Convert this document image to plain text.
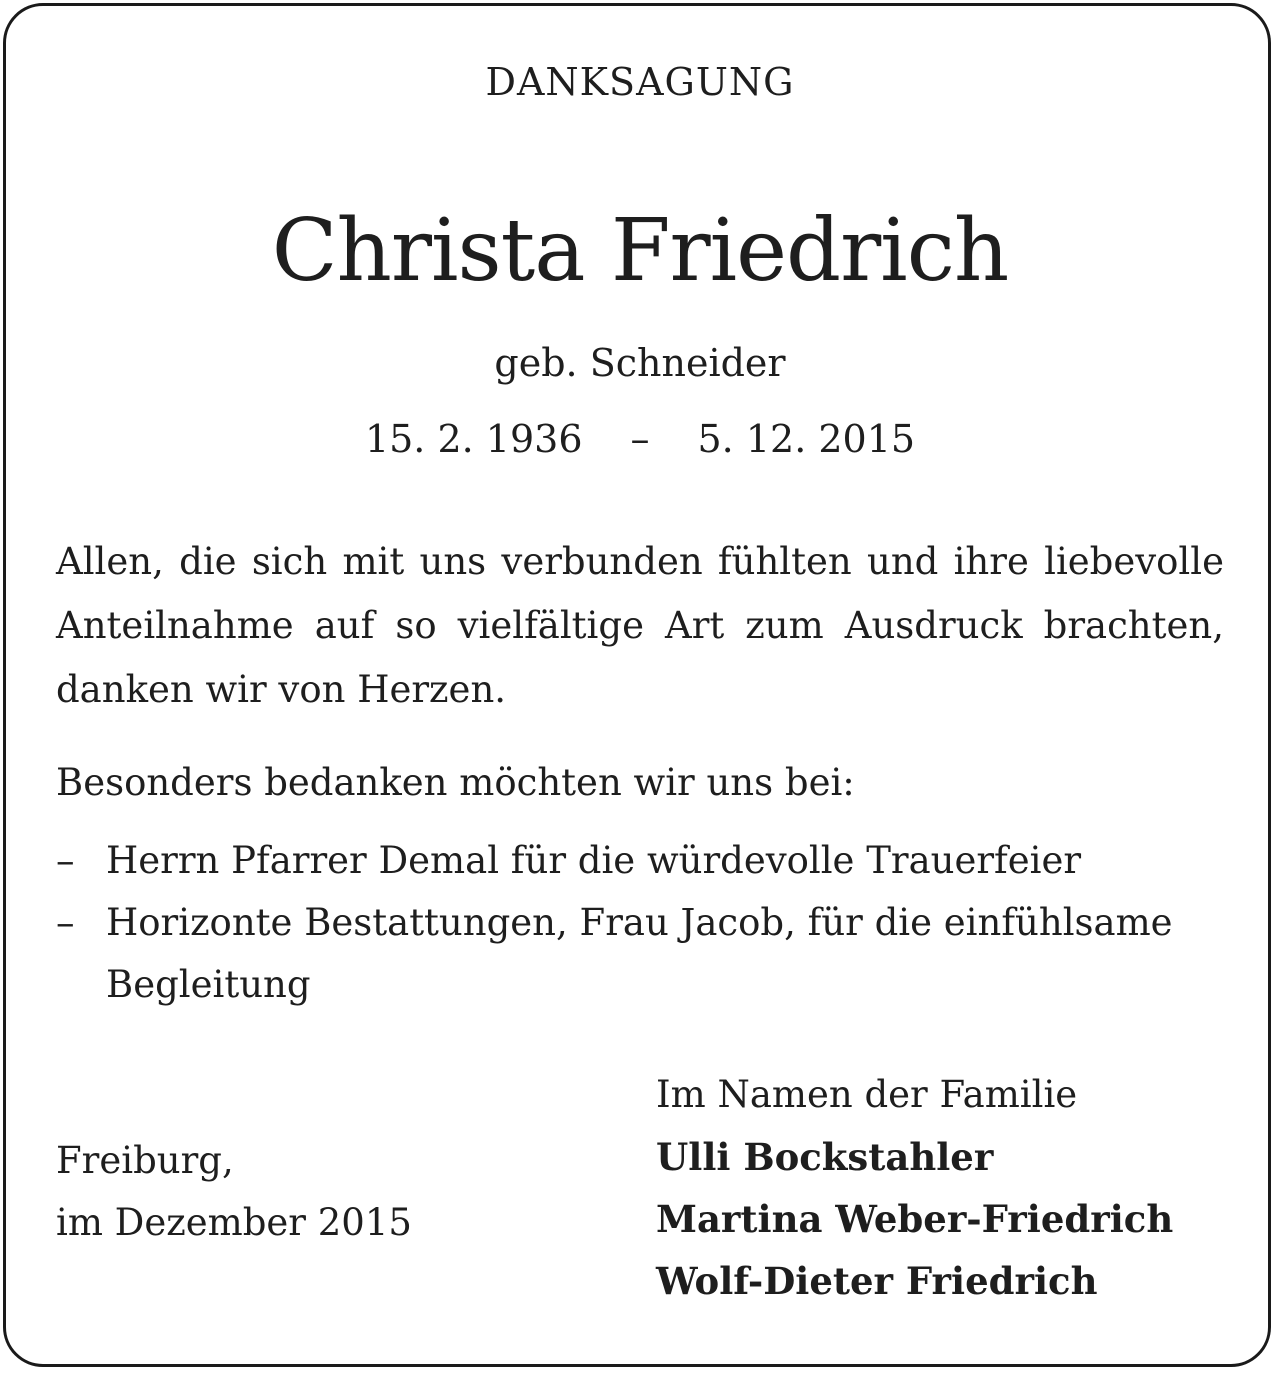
DANKSAGUNG
Christa Friedrich
geb. Schneider
15. 2. 1936 – 5. 12. 2015
Allen, die sich mit uns verbunden fühlten und ihre liebevolle
Anteilnahme auf so vielfältige Art zum Ausdruck brachten,
danken wir von Herzen.
Besonders bedanken möchten wir uns bei:
– Herrn Pfarrer Demal für die würdevolle Trauerfeier
– Horizonte Bestattungen, Frau Jacob, für die einfühlsame Begleitung
Freiburg,
im Dezember 2015
Im Namen der Familie
Ulli Bockstahler
Martina Weber-Friedrich
Wolf-Dieter Friedrich
